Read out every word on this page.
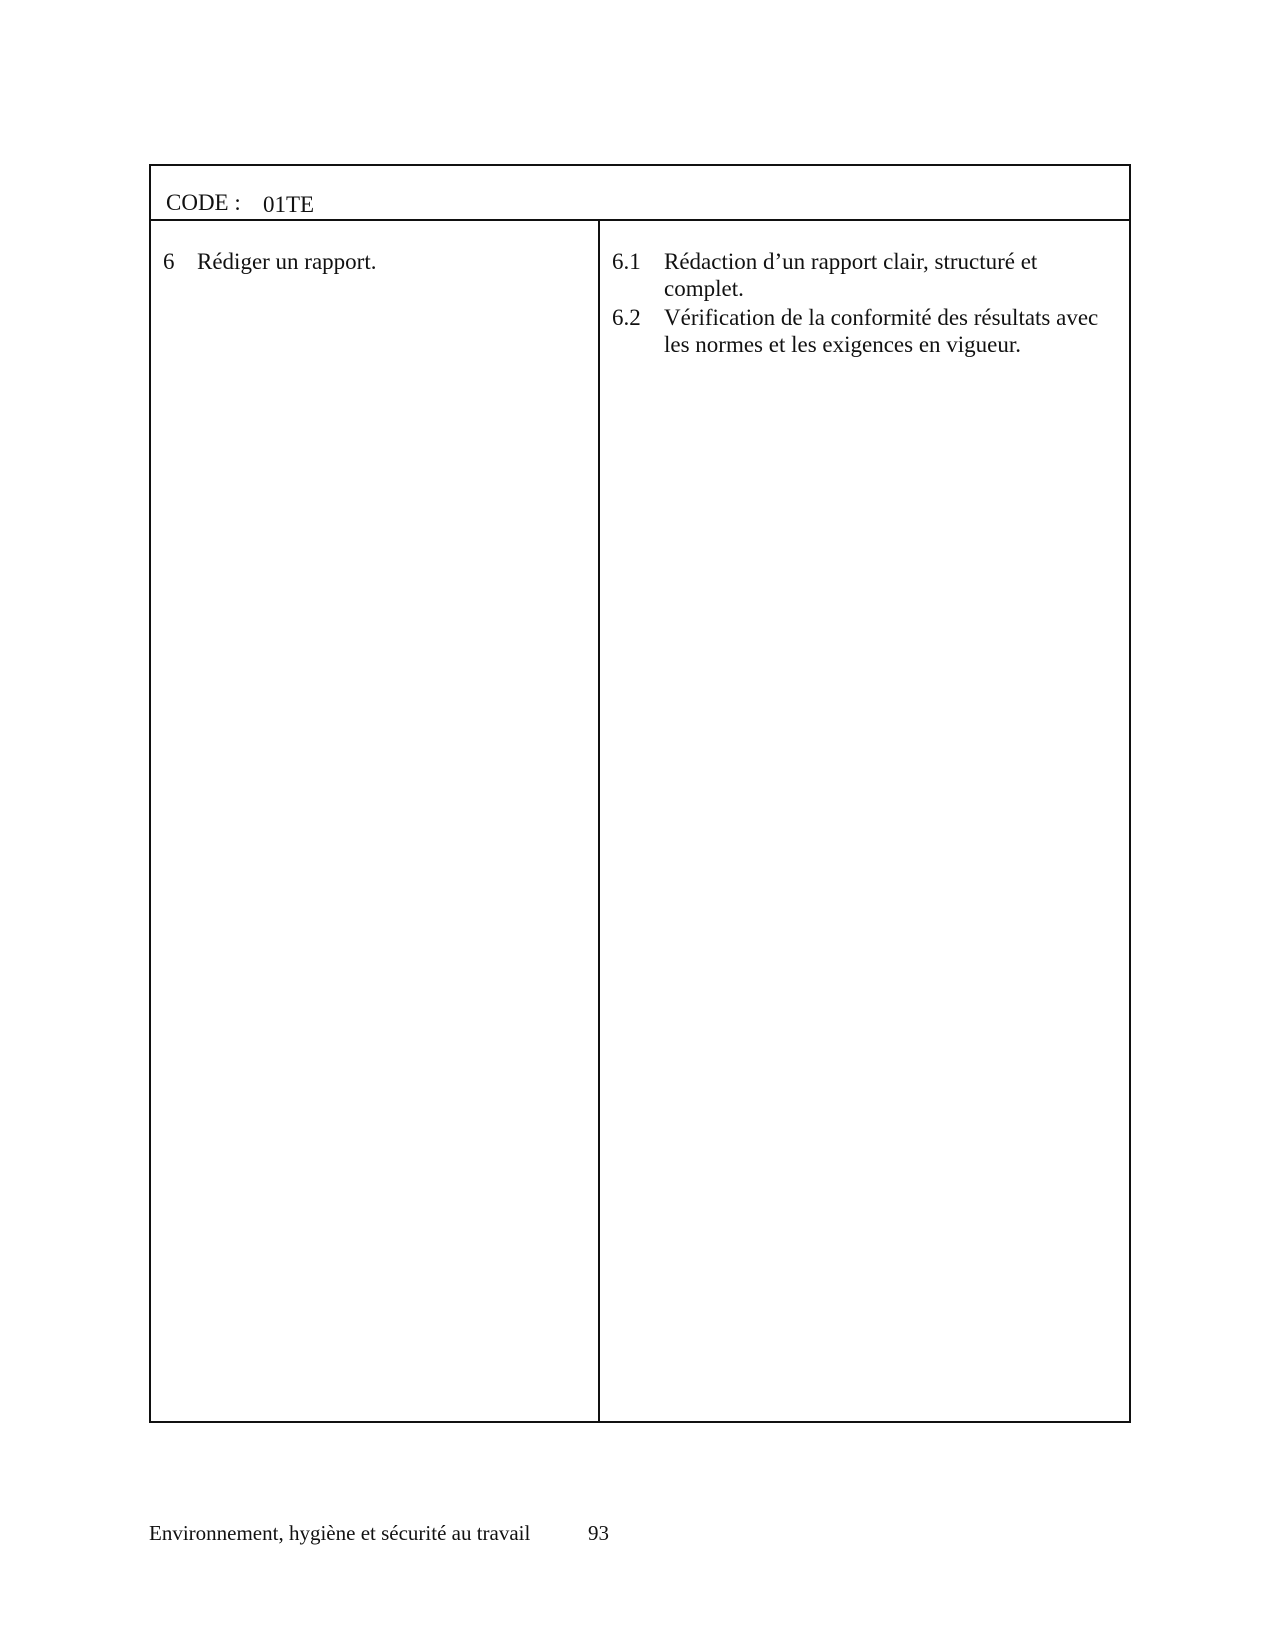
CODE : 01TE
6 Rédiger un rapport.	6.1 Rédaction d’un rapport clair, structuré et complet.
6.2 Vérification de la conformité des résultats avec les normes et les exigences en vigueur.
Environnement, hygiène et sécurité au travail	93
